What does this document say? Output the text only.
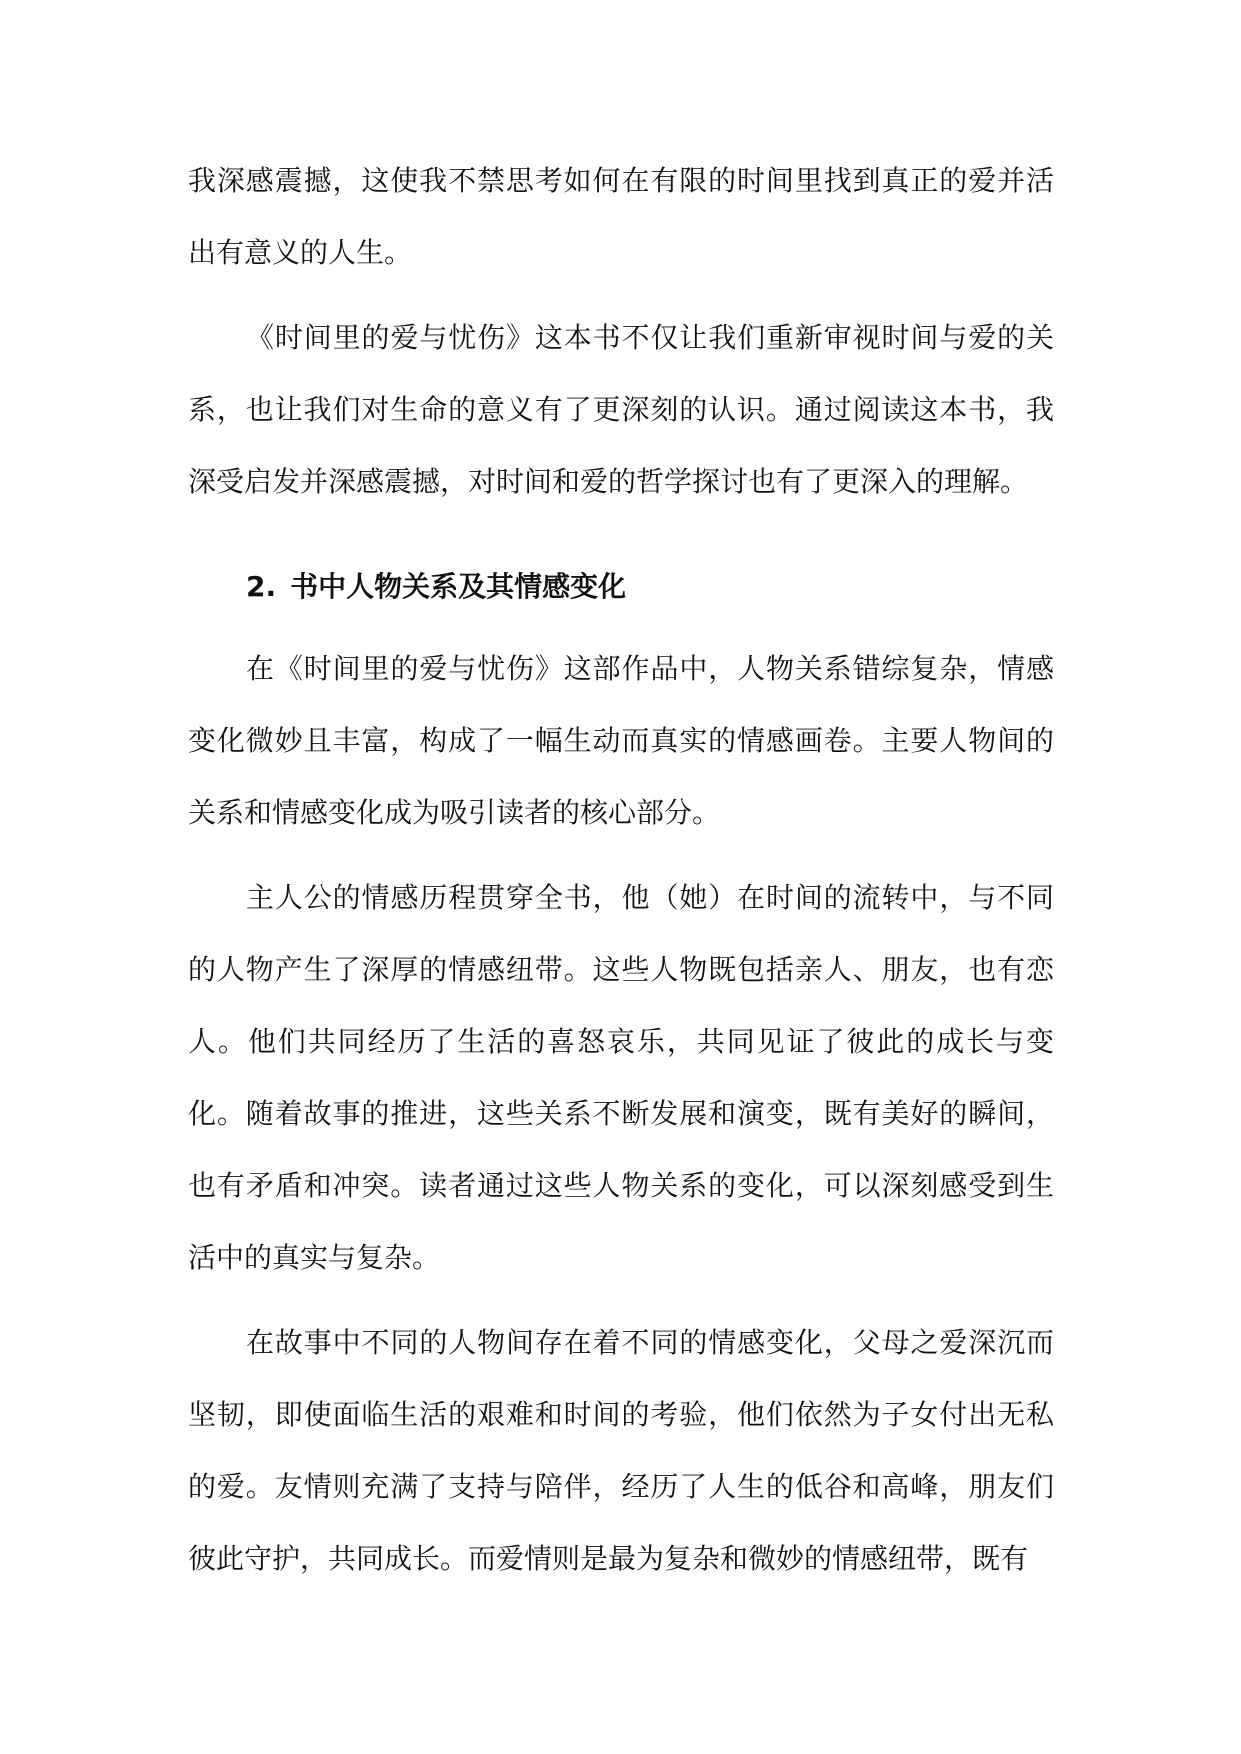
我深感震撼，这使我不禁思考如何在有限的时间里找到真正的爱并活出有意义的人生。

《时间里的爱与忧伤》这本书不仅让我们重新审视时间与爱的关系，也让我们对生命的意义有了更深刻的认识。通过阅读这本书，我深受启发并深感震撼，对时间和爱的哲学探讨也有了更深入的理解。

2. 书中人物关系及其情感变化

在《时间里的爱与忧伤》这部作品中，人物关系错综复杂，情感变化微妙且丰富，构成了一幅生动而真实的情感画卷。主要人物间的关系和情感变化成为吸引读者的核心部分。

主人公的情感历程贯穿全书，他（她）在时间的流转中，与不同的人物产生了深厚的情感纽带。这些人物既包括亲人、朋友，也有恋人。他们共同经历了生活的喜怒哀乐，共同见证了彼此的成长与变化。随着故事的推进，这些关系不断发展和演变，既有美好的瞬间，也有矛盾和冲突。读者通过这些人物关系的变化，可以深刻感受到生活中的真实与复杂。

在故事中不同的人物间存在着不同的情感变化，父母之爱深沉而坚韧，即使面临生活的艰难和时间的考验，他们依然为子女付出无私的爱。友情则充满了支持与陪伴，经历了人生的低谷和高峰，朋友们彼此守护，共同成长。而爱情则是最为复杂和微妙的情感纽带，既有
